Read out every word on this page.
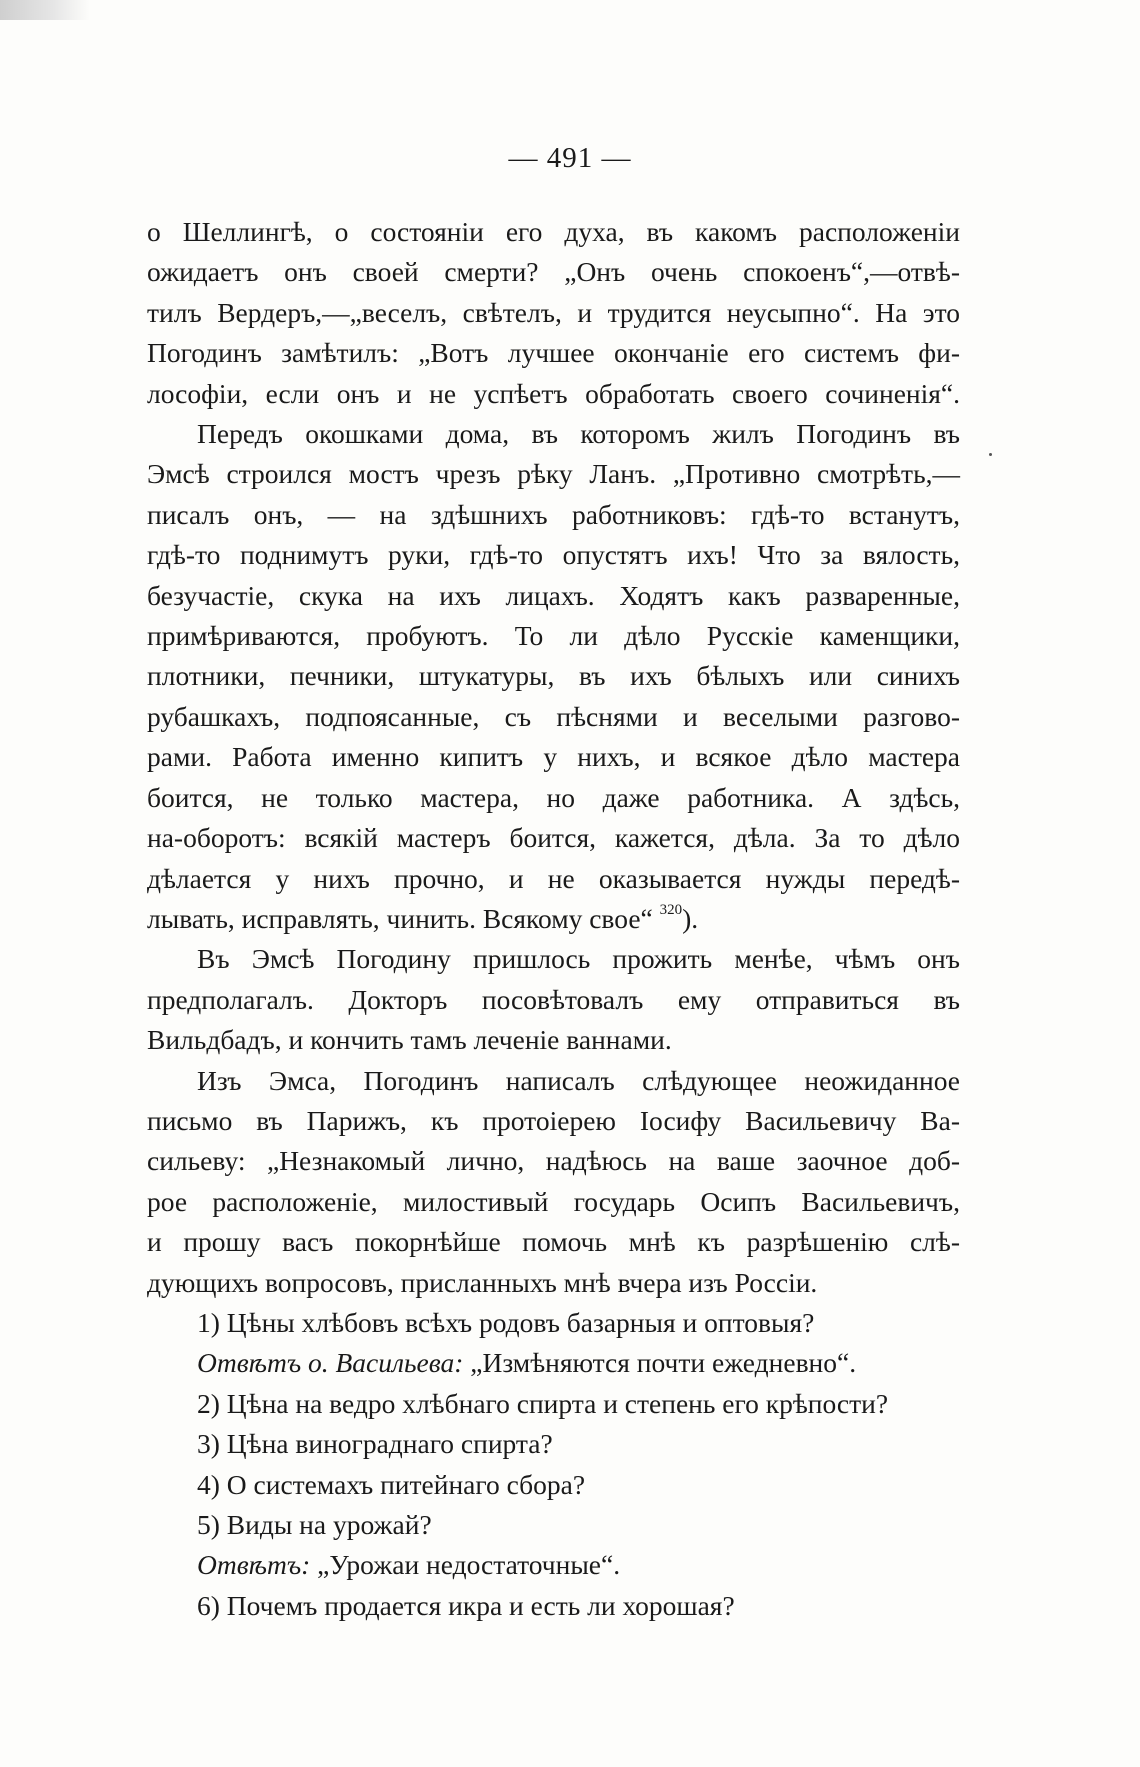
— 491 —

о Шеллингѣ, о состояніи его духа, въ какомъ расположеніи
ожидаетъ онъ своей смерти? „Онъ очень спокоенъ“,—отвѣ-
тилъ Вердеръ,—„веселъ, свѣтелъ, и трудится неусыпно“. На это
Погодинъ замѣтилъ: „Вотъ лучшее окончаніе его системъ фи-
лософіи, если онъ и не успѣетъ обработать своего сочиненія“.

Передъ окошками дома, въ которомъ жилъ Погодинъ въ
Эмсѣ строился мостъ чрезъ рѣку Ланъ. „Противно смотрѣть,—
писалъ онъ, — на здѣшнихъ работниковъ: гдѣ-то встанутъ,
гдѣ-то поднимутъ руки, гдѣ-то опустятъ ихъ! Что за вялость,
безучастіе, скука на ихъ лицахъ. Ходятъ какъ разваренные,
примѣриваются, пробуютъ. То ли дѣло Русскіе каменщики,
плотники, печники, штукатуры, въ ихъ бѣлыхъ или синихъ
рубашкахъ, подпоясанные, съ пѣснями и веселыми разгово-
рами. Работа именно кипитъ у нихъ, и всякое дѣло мастера
боится, не только мастера, но даже работника. А здѣсь,
на-оборотъ: всякій мастеръ боится, кажется, дѣла. За то дѣло
дѣлается у нихъ прочно, и не оказывается нужды передѣ-
лывать, исправлять, чинить. Всякому свое“ $^{320}$).

Въ Эмсѣ Погодину пришлось прожить менѣе, чѣмъ онъ
предполагалъ. Докторъ посовѣтовалъ ему отправиться въ
Вильдбадъ, и кончить тамъ леченіе ваннами.

Изъ Эмса, Погодинъ написалъ слѣдующее неожиданное
письмо въ Парижъ, къ протоіерею Іосифу Васильевичу Ва-
сильеву: „Незнакомый лично, надѣюсь на ваше заочное доб-
рое расположеніе, милостивый государь Осипъ Васильевичъ,
и прошу васъ покорнѣйше помочь мнѣ къ разрѣшенію слѣ-
дующихъ вопросовъ, присланныхъ мнѣ вчера изъ Россіи.

1) Цѣны хлѣбовъ всѣхъ родовъ базарныя и оптовыя?
Отвѣтъ о. Васильева: „Измѣняются почти ежедневно“.
2) Цѣна на ведро хлѣбнаго спирта и степень его крѣпости?
3) Цѣна винограднаго спирта?
4) О системахъ питейнаго сбора?
5) Виды на урожай?
Отвѣтъ: „Урожаи недостаточные“.
6) Почемъ продается икра и есть ли хорошая?
